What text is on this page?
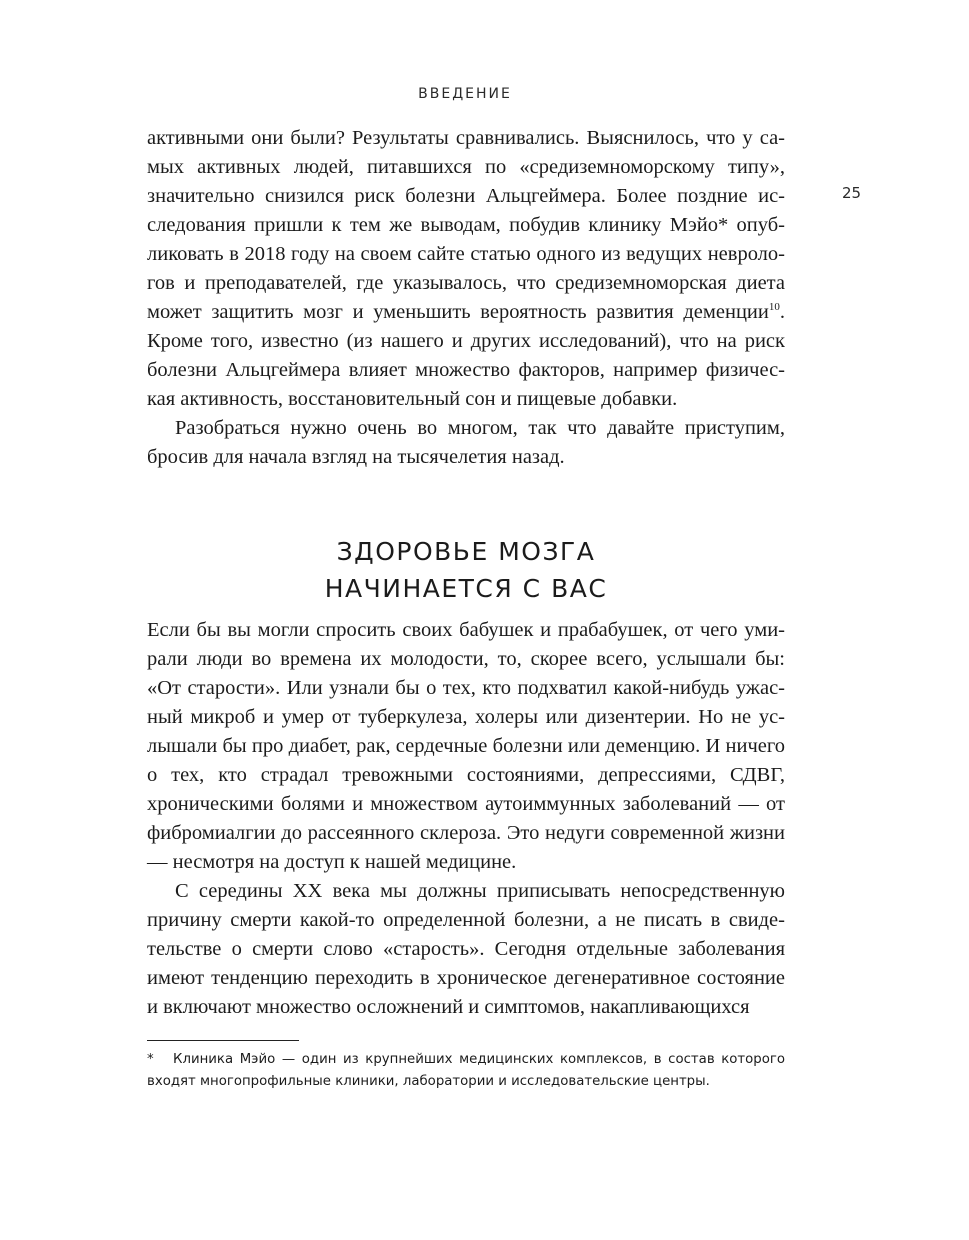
ВВЕДЕНИЕ
25

активными они были? Результаты сравнивались. Выяснилось, что у самых активных людей, питавшихся по «средиземноморскому типу», значительно снизился риск болезни Альцгеймера. Более поздние исследования пришли к тем же выводам, побудив клинику Мэйо* опубликовать в 2018 году на своем сайте статью одного из ведущих неврологов и преподавателей, где указывалось, что средиземноморская диета может защитить мозг и уменьшить вероятность развития деменции$^{10}$. Кроме того, известно (из нашего и других исследований), что на риск болезни Альцгеймера влияет множество факторов, например физическая активность, восстановительный сон и пищевые добавки.

Разобраться нужно очень во многом, так что давайте приступим, бросив для начала взгляд на тысячелетия назад.

ЗДОРОВЬЕ МОЗГА
НАЧИНАЕТСЯ С ВАС

Если бы вы могли спросить своих бабушек и прабабушек, от чего умирали люди во времена их молодости, то, скорее всего, услышали бы: «От старости». Или узнали бы о тех, кто подхватил какой-нибудь ужасный микроб и умер от туберкулеза, холеры или дизентерии. Но не услышали бы про диабет, рак, сердечные болезни или деменцию. И ничего о тех, кто страдал тревожными состояниями, депрессиями, СДВГ, хроническими болями и множеством аутоиммунных заболеваний — от фибромиалгии до рассеянного склероза. Это недуги современной жизни — несмотря на доступ к нашей медицине.

С середины XX века мы должны приписывать непосредственную причину смерти какой-то определенной болезни, а не писать в свидетельстве о смерти слово «старость». Сегодня отдельные заболевания имеют тенденцию переходить в хроническое дегенеративное состояние и включают множество осложнений и симптомов, накапливающихся

* Клиника Мэйо — один из крупнейших медицинских комплексов, в состав которого входят многопрофильные клиники, лаборатории и исследовательские центры.
